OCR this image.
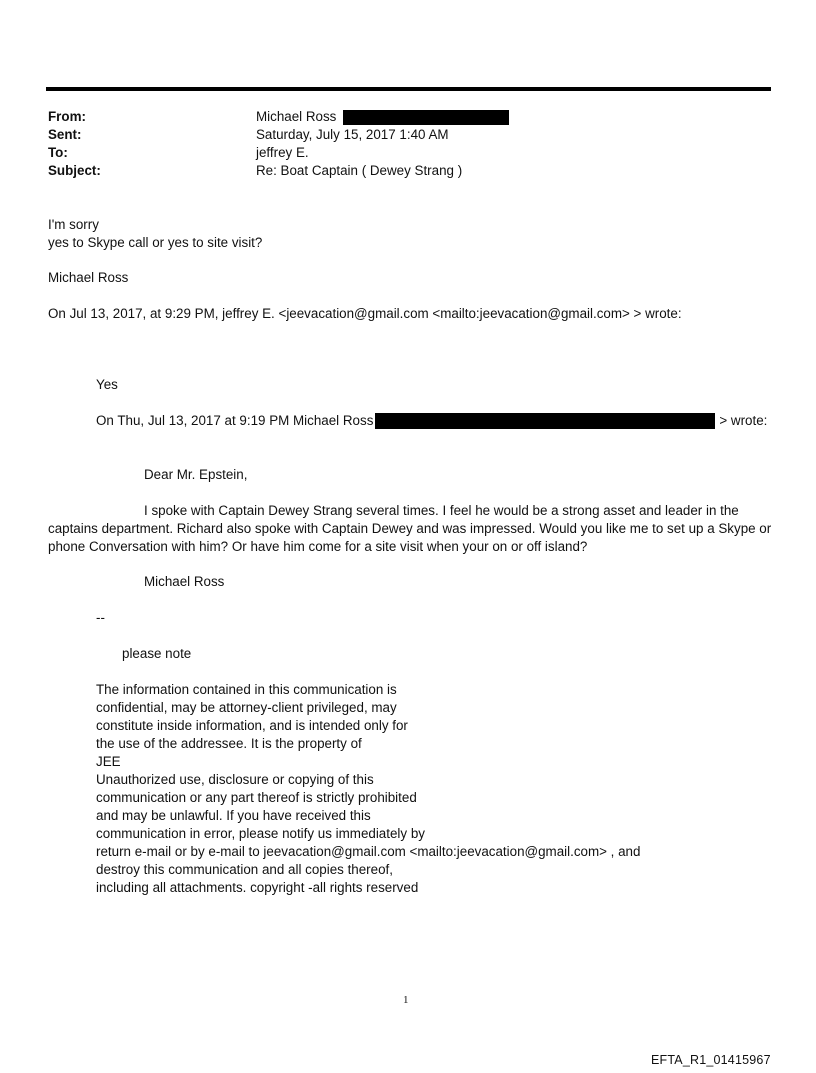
From:	Michael Ross
Sent:	Saturday, July 15, 2017 1:40 AM
To:	jeffrey E.
Subject:	Re: Boat Captain ( Dewey Strang )
I'm sorry
yes to Skype call or yes to site visit?
Michael Ross
On Jul 13, 2017, at 9:29 PM, jeffrey E. <jeevacation@gmail.com <mailto:jeevacation@gmail.com> > wrote:
Yes
On Thu, Jul 13, 2017 at 9:19 PM Michael Ross	> wrote:
Dear Mr. Epstein,
I spoke with Captain Dewey Strang several times. I feel he would be a strong asset and leader in the captains department. Richard also spoke with Captain Dewey and was impressed. Would you like me to set up a Skype or phone Conversation with him? Or have him come for a site visit when your on or off island?
Michael Ross
--
please note
The information contained in this communication is
confidential, may be attorney-client privileged, may
constitute inside information, and is intended only for
the use of the addressee. It is the property of
JEE
Unauthorized use, disclosure or copying of this
communication or any part thereof is strictly prohibited
and may be unlawful. If you have received this
communication in error, please notify us immediately by
return e-mail or by e-mail to jeevacation@gmail.com <mailto:jeevacation@gmail.com> , and
destroy this communication and all copies thereof,
including all attachments. copyright -all rights reserved
1
EFTA_R1_01415967
